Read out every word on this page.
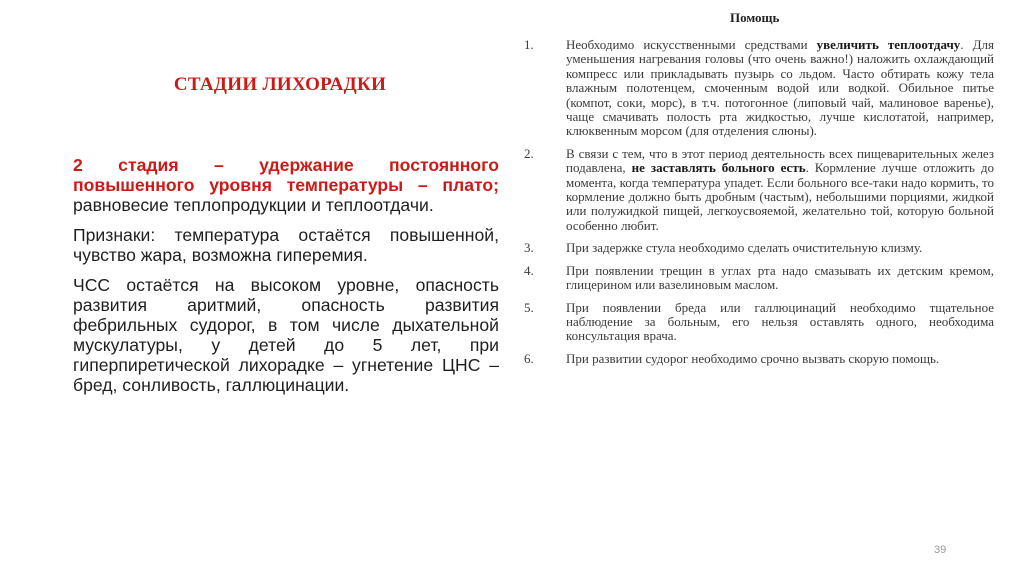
СТАДИИ ЛИХОРАДКИ

2 стадия – удержание постоянного повышенного уровня температуры – плато; равновесие теплопродукции и теплоотдачи.

Признаки: температура остаётся повышенной, чувство жара, возможна гиперемия.

ЧСС остаётся на высоком уровне, опасность развития аритмий, опасность развития фебрильных судорог, в том числе дыхательной мускулатуры, у детей до 5 лет, при гиперпиретической лихорадке – угнетение ЦНС – бред, сонливость, галлюцинации.

Помощь
1.	Необходимо искусственными средствами увеличить теплоотдачу. Для уменьшения нагревания головы (что очень важно!) наложить охлаждающий компресс или прикладывать пузырь со льдом. Часто обтирать кожу тела влажным полотенцем, смоченным водой или водкой. Обильное питье (компот, соки, морс), в т.ч. потогонное (липовый чай, малиновое варенье), чаще смачивать полость рта жидкостью, лучше кислотатой, например, клюквенным морсом (для отделения слюны).
2.	В связи с тем, что в этот период деятельность всех пищеварительных желез подавлена, не заставлять больного есть. Кормление лучше отложить до момента, когда температура упадет. Если больного все-таки надо кормить, то кормление должно быть дробным (частым), небольшими порциями, жидкой или полужидкой пищей, легкоусвояемой, желательно той, которую больной особенно любит.
3.	При задержке стула необходимо сделать очистительную клизму.
4.	При появлении трещин в углах рта надо смазывать их детским кремом, глицерином или вазелиновым маслом.
5.	При появлении бреда или галлюцинаций необходимо тщательное наблюдение за больным, его нельзя оставлять одного, необходима консультация врача.
6.	При развитии судорог необходимо срочно вызвать скорую помощь.
39
